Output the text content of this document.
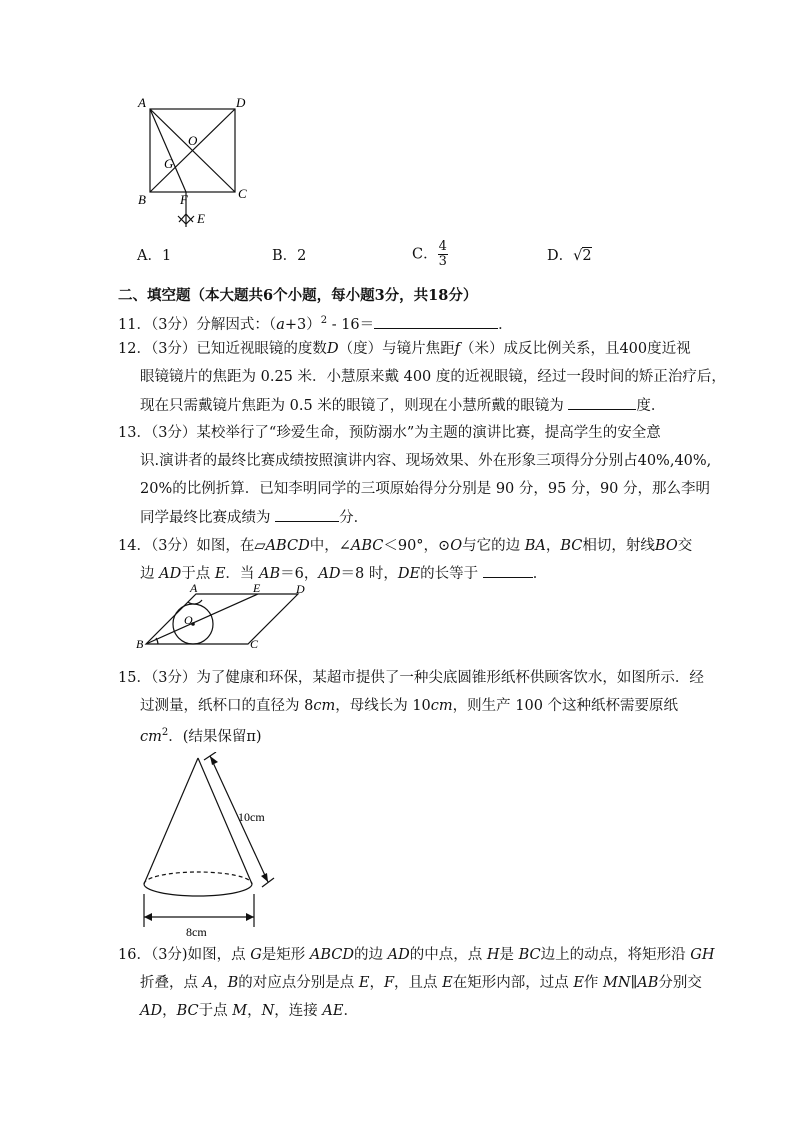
A	D
O
G
B	F	C
E
A．1	B．2	C． $\frac{4}{3}$	D．√2
二、填空题（本大题共6个小题，每小题3分，共18分）
11．（3分）分解因式：$(a+3)^2 - 16=$	．
12．（3分）已知近视眼镜的度数D（度）与镜片焦距f（米）成反比例关系，且400度近视
眼镜镜片的焦距为 0.25 米．小慧原来戴 400 度的近视眼镜，经过一段时间的矫正治疗后，
现在只需戴镜片焦距为 0.5 米的眼镜了，则现在小慧所戴的眼镜为	度．
13．（3分）某校举行了“珍爱生命，预防溺水”为主题的演讲比赛，提高学生的安全意
识.演讲者的最终比赛成绩按照演讲内容、现场效果、外在形象三项得分分别占40%,40%,
20%的比例折算．已知李明同学的三项原始得分分别是 90 分，95 分，90 分，那么李明
同学最终比赛成绩为	分．
14．（3分）如图，在▱ABCD中，∠ABC＜90°，⊙O与它的边 BA，BC相切，射线BO交
边 AD于点 E．当 AB＝6，AD＝8 时，DE的长等于	．
A	E	D
O
B	C
15．（3分）为了健康和环保，某超市提供了一种尖底圆锥形纸杯供顾客饮水，如图所示．经
过测量，纸杯口的直径为 8cm，母线长为 10cm，则生产 100 个这种纸杯需要原纸
$cm^2$．(结果保留π)
10cm
8cm
16．（3分)如图，点 G是矩形 ABCD的边 AD的中点，点 H是 BC边上的动点，将矩形沿 GH
折叠，点 A，B的对应点分别是点 E，F，且点 E在矩形内部，过点 E作 MN∥AB分别交
AD，BC于点 M，N，连接 AE．
